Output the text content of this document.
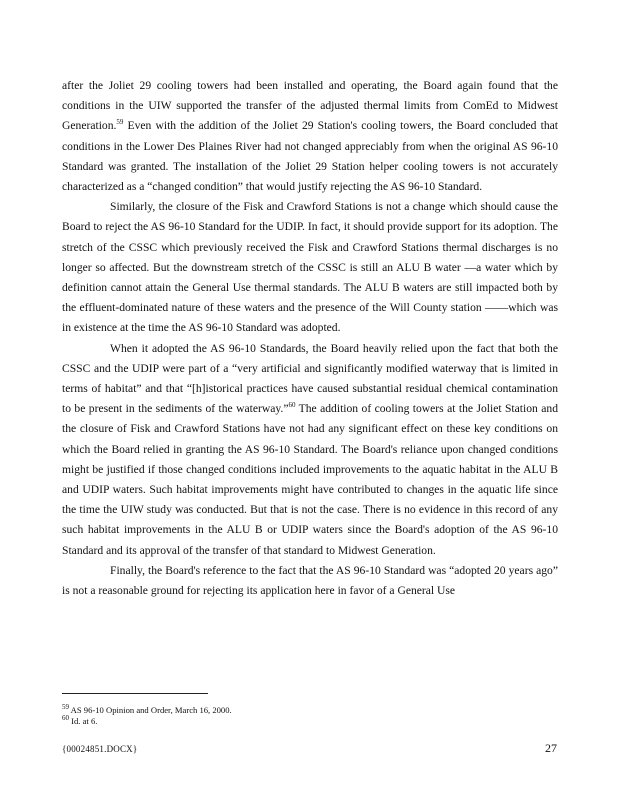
after the Joliet 29 cooling towers had been installed and operating, the Board again found that the conditions in the UIW supported the transfer of the adjusted thermal limits from ComEd to Midwest Generation.$^{59}$ Even with the addition of the Joliet 29 Station's cooling towers, the Board concluded that conditions in the Lower Des Plaines River had not changed appreciably from when the original AS 96-10 Standard was granted. The installation of the Joliet 29 Station helper cooling towers is not accurately characterized as a “changed condition” that would justify rejecting the AS 96-10 Standard.

Similarly, the closure of the Fisk and Crawford Stations is not a change which should cause the Board to reject the AS 96-10 Standard for the UDIP. In fact, it should provide support for its adoption. The stretch of the CSSC which previously received the Fisk and Crawford Stations thermal discharges is no longer so affected. But the downstream stretch of the CSSC is still an ALU B water —a water which by definition cannot attain the General Use thermal standards. The ALU B waters are still impacted both by the effluent-dominated nature of these waters and the presence of the Will County station ——which was in existence at the time the AS 96-10 Standard was adopted.

When it adopted the AS 96-10 Standards, the Board heavily relied upon the fact that both the CSSC and the UDIP were part of a “very artificial and significantly modified waterway that is limited in terms of habitat” and that “[h]istorical practices have caused substantial residual chemical contamination to be present in the sediments of the waterway.”$^{60}$ The addition of cooling towers at the Joliet Station and the closure of Fisk and Crawford Stations have not had any significant effect on these key conditions on which the Board relied in granting the AS 96-10 Standard. The Board's reliance upon changed conditions might be justified if those changed conditions included improvements to the aquatic habitat in the ALU B and UDIP waters. Such habitat improvements might have contributed to changes in the aquatic life since the time the UIW study was conducted. But that is not the case. There is no evidence in this record of any such habitat improvements in the ALU B or UDIP waters since the Board's adoption of the AS 96-10 Standard and its approval of the transfer of that standard to Midwest Generation.

Finally, the Board's reference to the fact that the AS 96-10 Standard was “adopted 20 years ago” is not a reasonable ground for rejecting its application here in favor of a General Use

$^{59}$ AS 96-10 Opinion and Order, March 16, 2000.
$^{60}$ Id. at 6.
{00024851.DOCX}	27
